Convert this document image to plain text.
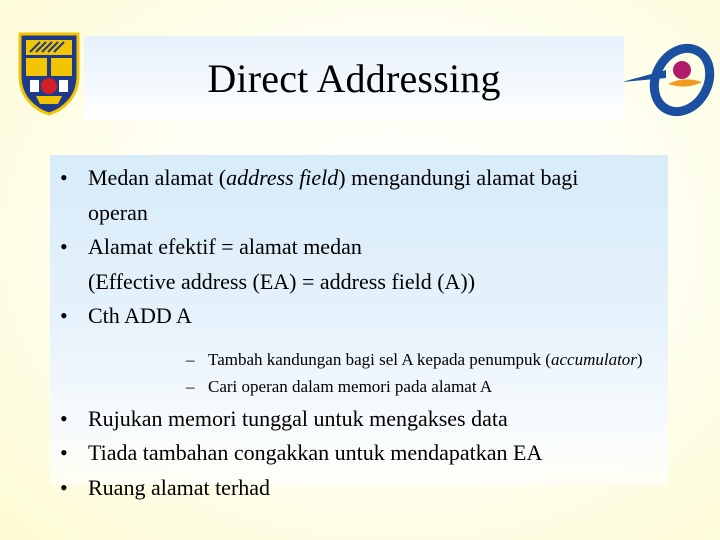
Direct Addressing
• Medan alamat (address field) mengandungi alamat bagi
operan
• Alamat efektif = alamat medan
(Effective address (EA) = address field (A))
• Cth ADD A
– Tambah kandungan bagi sel A kepada penumpuk (accumulator)
– Cari operan dalam memori pada alamat A
• Rujukan memori tunggal untuk mengakses data
• Tiada tambahan congakkan untuk mendapatkan EA
• Ruang alamat terhad
